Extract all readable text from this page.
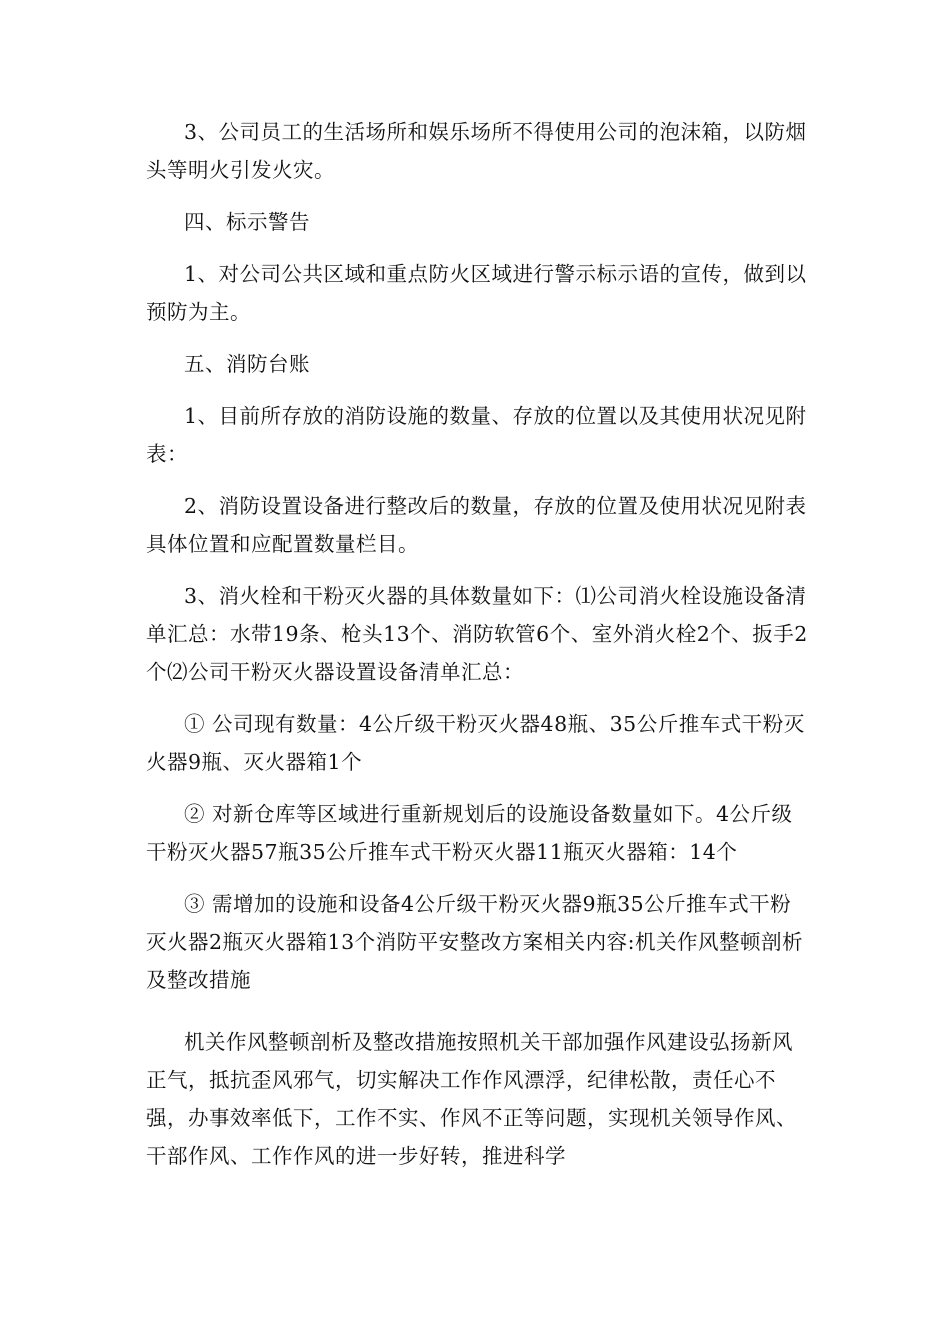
3、公司员工的生活场所和娱乐场所不得使用公司的泡沫箱，以防烟头等明火引发火灾。

四、标示警告

1、对公司公共区域和重点防火区域进行警示标示语的宣传，做到以预防为主。

五、消防台账

1、目前所存放的消防设施的数量、存放的位置以及其使用状况见附表：

2、消防设置设备进行整改后的数量，存放的位置及使用状况见附表具体位置和应配置数量栏目。

3、消火栓和干粉灭火器的具体数量如下：⑴公司消火栓设施设备清单汇总：水带19条、枪头13个、消防软管6个、室外消火栓2个、扳手2个⑵公司干粉灭火器设置设备清单汇总：

① 公司现有数量：4公斤级干粉灭火器48瓶、35公斤推车式干粉灭火器9瓶、灭火器箱1个

② 对新仓库等区域进行重新规划后的设施设备数量如下。4公斤级干粉灭火器57瓶35公斤推车式干粉灭火器11瓶灭火器箱：14个

③ 需增加的设施和设备4公斤级干粉灭火器9瓶35公斤推车式干粉灭火器2瓶灭火器箱13个消防平安整改方案相关内容:机关作风整顿剖析及整改措施

机关作风整顿剖析及整改措施按照机关干部加强作风建设弘扬新风正气，抵抗歪风邪气，切实解决工作作风漂浮，纪律松散，责任心不强，办事效率低下，工作不实、作风不正等问题，实现机关领导作风、干部作风、工作作风的进一步好转，推进科学
